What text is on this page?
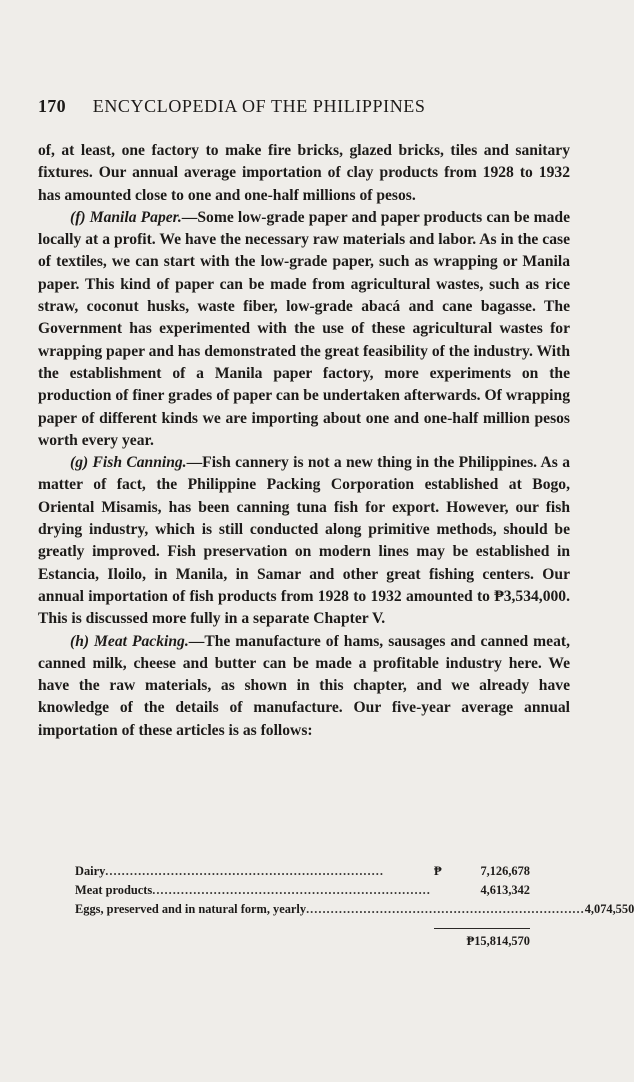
170 ENCYCLOPEDIA OF THE PHILIPPINES

of, at least, one factory to make fire bricks, glazed bricks, tiles and sanitary fixtures. Our annual average importation of clay products from 1928 to 1932 has amounted close to one and one-half millions of pesos.

(f) Manila Paper.—Some low-grade paper and paper products can be made locally at a profit. We have the necessary raw materials and labor. As in the case of textiles, we can start with the low-grade paper, such as wrapping or Manila paper. This kind of paper can be made from agricultural wastes, such as rice straw, coconut husks, waste fiber, low-grade abacá and cane bagasse. The Government has experimented with the use of these agricultural wastes for wrapping paper and has demonstrated the great feasibility of the industry. With the establishment of a Manila paper factory, more experiments on the production of finer grades of paper can be undertaken afterwards. Of wrapping paper of different kinds we are importing about one and one-half million pesos worth every year.

(g) Fish Canning.—Fish cannery is not a new thing in the Philippines. As a matter of fact, the Philippine Packing Corporation established at Bogo, Oriental Misamis, has been canning tuna fish for export. However, our fish drying industry, which is still conducted along primitive methods, should be greatly improved. Fish preservation on modern lines may be established in Estancia, Iloilo, in Manila, in Samar and other great fishing centers. Our annual importation of fish products from 1928 to 1932 amounted to ₱3,534,000. This is discussed more fully in a separate Chapter V.

(h) Meat Packing.—The manufacture of hams, sausages and canned meat, canned milk, cheese and butter can be made a profitable industry here. We have the raw materials, as shown in this chapter, and we already have knowledge of the details of manufacture. Our five-year average annual importation of these articles is as follows:

Dairy....................................................................	₱	7,126,678
Meat products....................................................................	4,613,342
Eggs, preserved and in natural form, yearly.................................................................... 4,074,550
₱15,814,570
